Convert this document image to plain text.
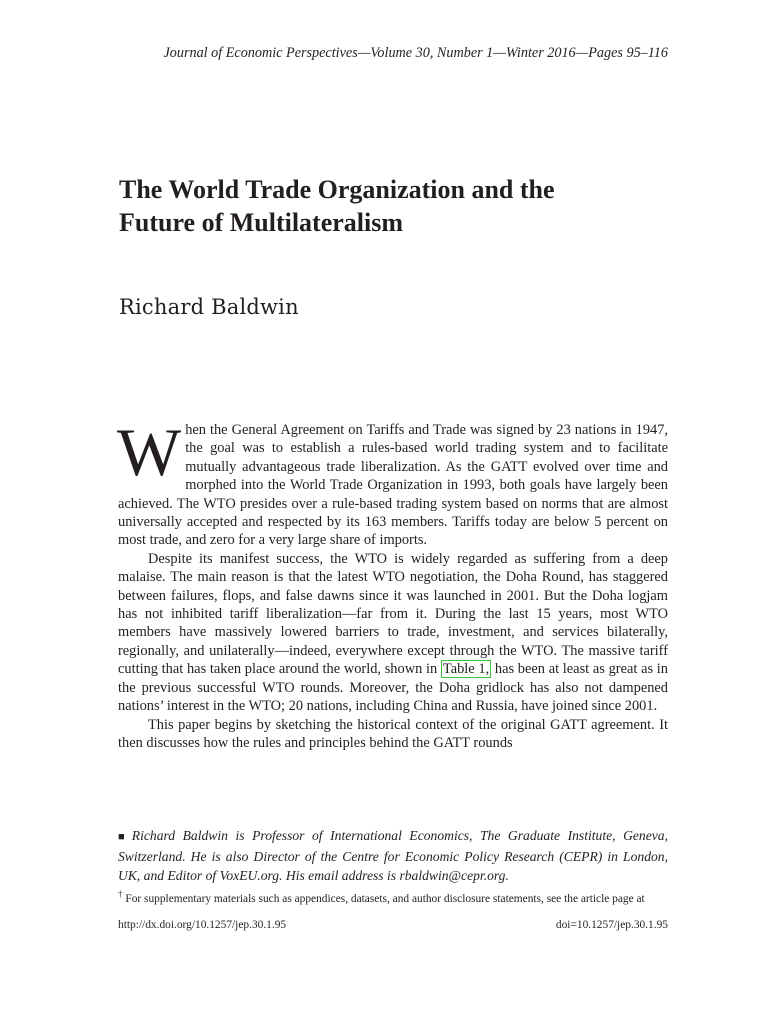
Journal of Economic Perspectives—Volume 30, Number 1—Winter 2016—Pages 95–116
The World Trade Organization and the
Future of Multilateralism
Richard Baldwin

When the General Agreement on Tariffs and Trade was signed by 23 nations in 1947, the goal was to establish a rules-based world trading system and to facilitate mutually advantageous trade liberalization. As the GATT evolved over time and morphed into the World Trade Organization in 1993, both goals have largely been achieved. The WTO presides over a rule-based trading system based on norms that are almost universally accepted and respected by its 163 members. Tariffs today are below 5 percent on most trade, and zero for a very large share of imports.

Despite its manifest success, the WTO is widely regarded as suffering from a deep malaise. The main reason is that the latest WTO negotiation, the Doha Round, has staggered between failures, flops, and false dawns since it was launched in 2001. But the Doha logjam has not inhibited tariff liberalization—far from it. During the last 15 years, most WTO members have massively lowered barriers to trade, investment, and services bilaterally, regionally, and unilaterally—indeed, everywhere except through the WTO. The massive tariff cutting that has taken place around the world, shown in Table 1, has been at least as great as in the previous successful WTO rounds. Moreover, the Doha gridlock has also not dampened nations’ interest in the WTO; 20 nations, including China and Russia, have joined since 2001.

This paper begins by sketching the historical context of the original GATT agreement. It then discusses how the rules and principles behind the GATT rounds

■ Richard Baldwin is Professor of International Economics, The Graduate Institute, Geneva, Switzerland. He is also Director of the Centre for Economic Policy Research (CEPR) in London, UK, and Editor of VoxEU.org. His email address is rbaldwin@cepr.org.
† For supplementary materials such as appendices, datasets, and author disclosure statements, see the article page at
http://dx.doi.org/10.1257/jep.30.1.95	doi=10.1257/jep.30.1.95
